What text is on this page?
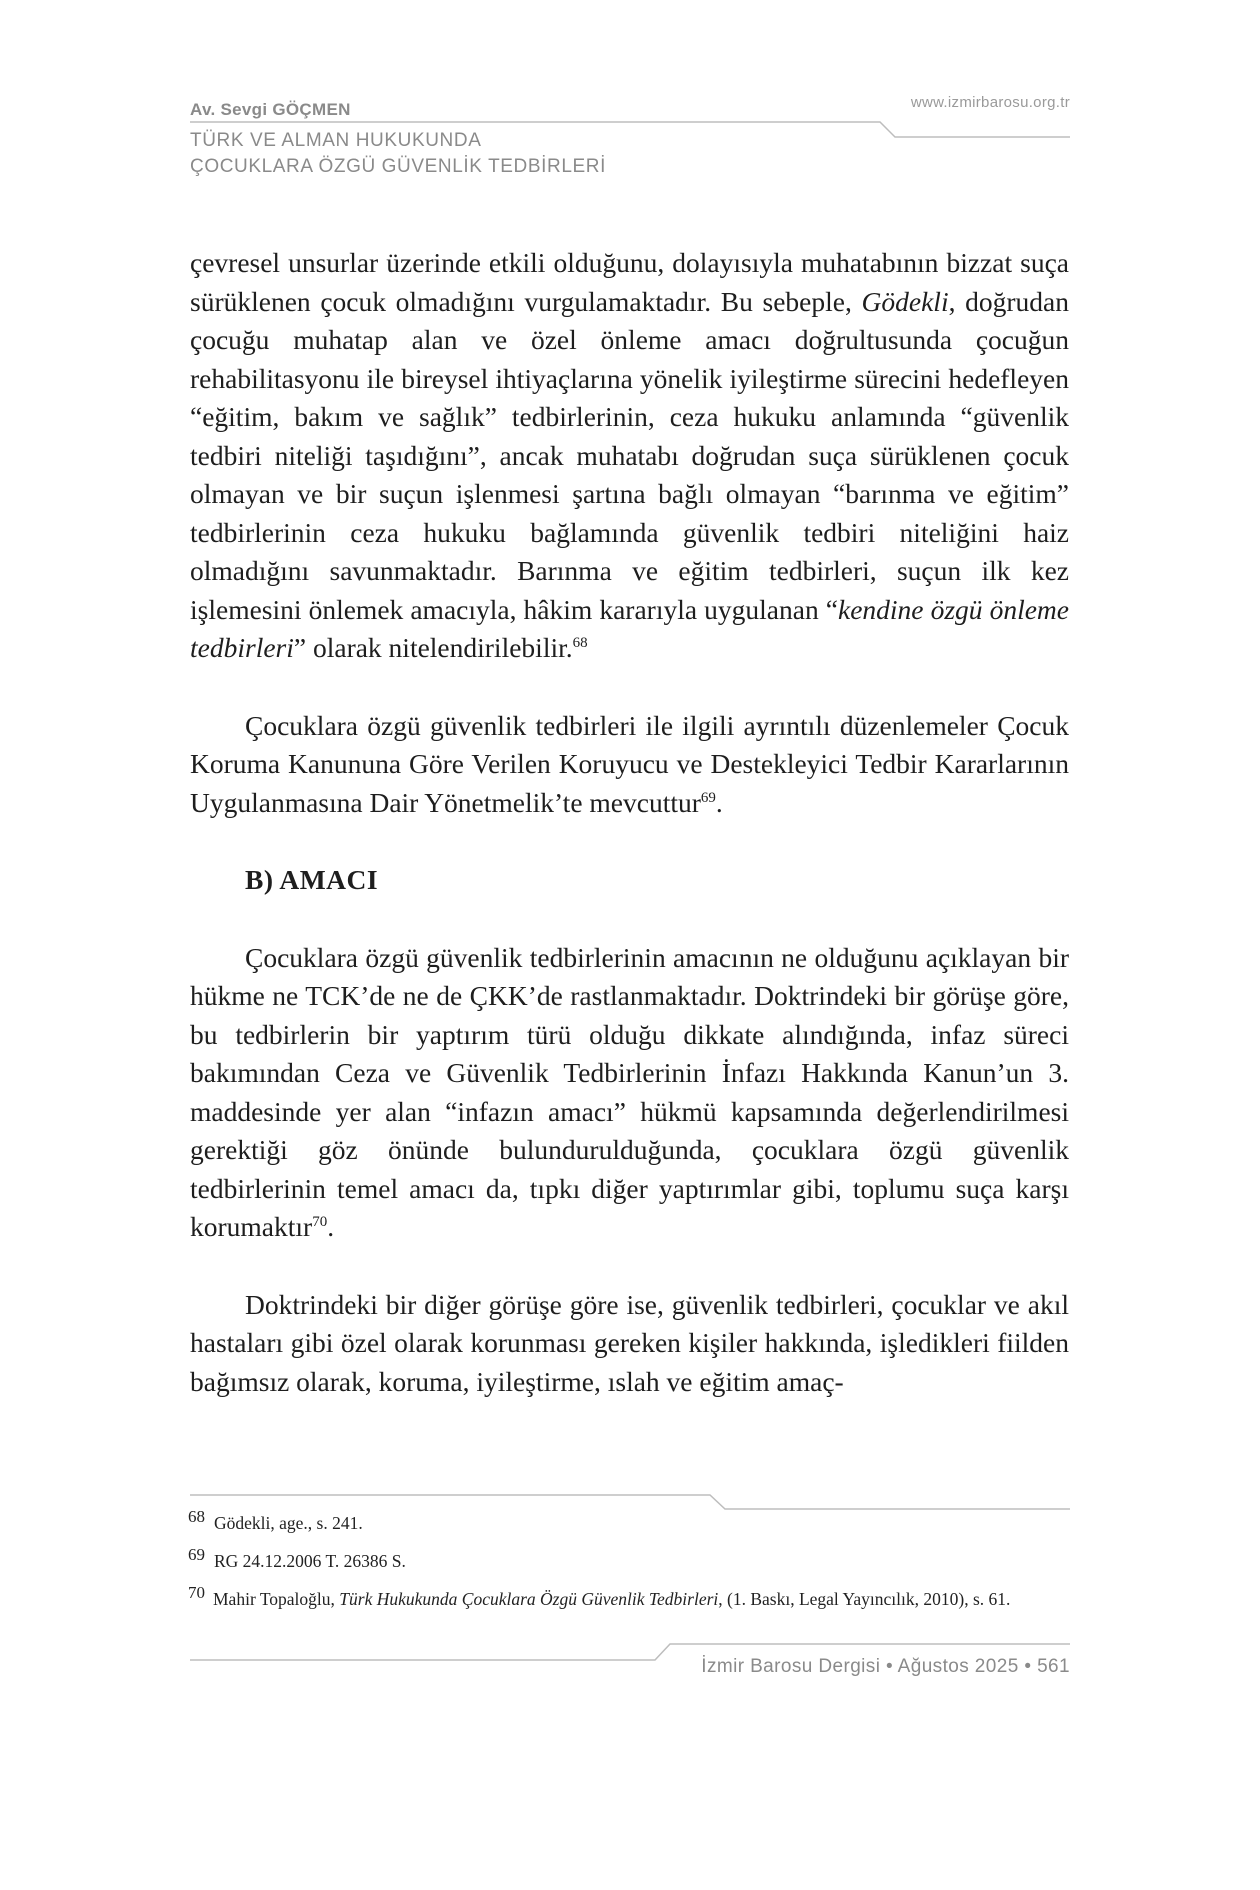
Av. Sevgi GÖÇMEN
TÜRK VE ALMAN HUKUKUNDA
ÇOCUKLARA ÖZGÜ GÜVENLİK TEDBİRLERİ
www.izmirbarosu.org.tr

çevresel unsurlar üzerinde etkili olduğunu, dolayısıyla muhatabının bizzat suça sürüklenen çocuk olmadığını vurgulamaktadır. Bu sebeple, Gödekli, doğrudan çocuğu muhatap alan ve özel önleme amacı doğrultusunda çocuğun rehabilitasyonu ile bireysel ihtiyaçlarına yönelik iyileştirme sürecini hedefleyen “eğitim, bakım ve sağlık” tedbirlerinin, ceza hukuku anlamında “güvenlik tedbiri niteliği taşıdığını”, ancak muhatabı doğrudan suça sürüklenen çocuk olmayan ve bir suçun işlenmesi şartına bağlı olmayan “barınma ve eğitim” tedbirlerinin ceza hukuku bağlamında güvenlik tedbiri niteliğini haiz olmadığını savunmaktadır. Barınma ve eğitim tedbirleri, suçun ilk kez işlemesini önlemek amacıyla, hâkim kararıyla uygulanan “kendine özgü önleme tedbirleri” olarak nitelendirilebilir.$^{68}$

Çocuklara özgü güvenlik tedbirleri ile ilgili ayrıntılı düzenlemeler Çocuk Koruma Kanununa Göre Verilen Koruyucu ve Destekleyici Tedbir Kararlarının Uygulanmasına Dair Yönetmelik’te mevcuttur$^{69}$.

B) AMACI

Çocuklara özgü güvenlik tedbirlerinin amacının ne olduğunu açıklayan bir hükme ne TCK’de ne de ÇKK’de rastlanmaktadır. Doktrindeki bir görüşe göre, bu tedbirlerin bir yaptırım türü olduğu dikkate alındığında, infaz süreci bakımından Ceza ve Güvenlik Tedbirlerinin İnfazı Hakkında Kanun’un 3. maddesinde yer alan “infazın amacı” hükmü kapsamında değerlendirilmesi gerektiği göz önünde bulundurulduğunda, çocuklara özgü güvenlik tedbirlerinin temel amacı da, tıpkı diğer yaptırımlar gibi, toplumu suça karşı korumaktır$^{70}$.

Doktrindeki bir diğer görüşe göre ise, güvenlik tedbirleri, çocuklar ve akıl hastaları gibi özel olarak korunması gereken kişiler hakkında, işledikleri fiilden bağımsız olarak, koruma, iyileştirme, ıslah ve eğitim amaç-

68 Gödekli, age., s. 241.
69 RG 24.12.2006 T. 26386 S.
70 Mahir Topaloğlu, Türk Hukukunda Çocuklara Özgü Güvenlik Tedbirleri, (1. Baskı, Legal Yayıncılık, 2010), s. 61.
İzmir Barosu Dergisi • Ağustos 2025 • 561
